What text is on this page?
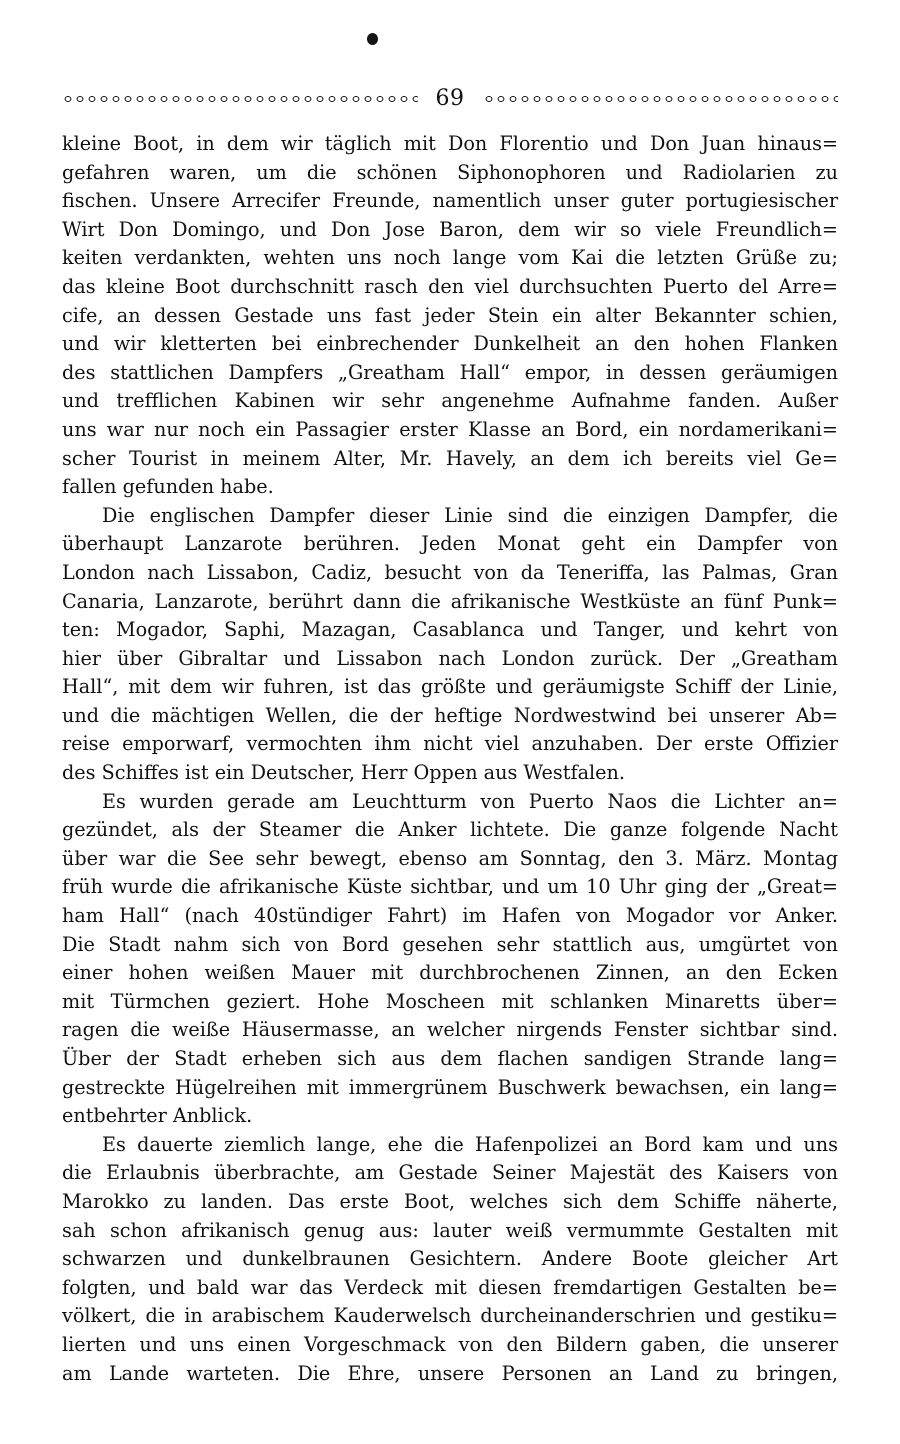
69
kleine Boot, in dem wir täglich mit Don Florentio und Don Juan hinaus=
gefahren waren, um die schönen Siphonophoren und Radiolarien zu
fischen. Unsere Arrecifer Freunde, namentlich unser guter portugiesischer
Wirt Don Domingo, und Don Jose Baron, dem wir so viele Freundlich=
keiten verdankten, wehten uns noch lange vom Kai die letzten Grüße zu;
das kleine Boot durchschnitt rasch den viel durchsuchten Puerto del Arre=
cife, an dessen Gestade uns fast jeder Stein ein alter Bekannter schien,
und wir kletterten bei einbrechender Dunkelheit an den hohen Flanken
des stattlichen Dampfers „Greatham Hall“ empor, in dessen geräumigen
und trefflichen Kabinen wir sehr angenehme Aufnahme fanden. Außer
uns war nur noch ein Passagier erster Klasse an Bord, ein nordamerikani=
scher Tourist in meinem Alter, Mr. Havely, an dem ich bereits viel Ge=
fallen gefunden habe.
Die englischen Dampfer dieser Linie sind die einzigen Dampfer, die
überhaupt Lanzarote berühren. Jeden Monat geht ein Dampfer von
London nach Lissabon, Cadiz, besucht von da Teneriffa, las Palmas, Gran
Canaria, Lanzarote, berührt dann die afrikanische Westküste an fünf Punk=
ten: Mogador, Saphi, Mazagan, Casablanca und Tanger, und kehrt von
hier über Gibraltar und Lissabon nach London zurück. Der „Greatham
Hall“, mit dem wir fuhren, ist das größte und geräumigste Schiff der Linie,
und die mächtigen Wellen, die der heftige Nordwestwind bei unserer Ab=
reise emporwarf, vermochten ihm nicht viel anzuhaben. Der erste Offizier
des Schiffes ist ein Deutscher, Herr Oppen aus Westfalen.
Es wurden gerade am Leuchtturm von Puerto Naos die Lichter an=
gezündet, als der Steamer die Anker lichtete. Die ganze folgende Nacht
über war die See sehr bewegt, ebenso am Sonntag, den 3. März. Montag
früh wurde die afrikanische Küste sichtbar, und um 10 Uhr ging der „Great=
ham Hall“ (nach 40stündiger Fahrt) im Hafen von Mogador vor Anker.
Die Stadt nahm sich von Bord gesehen sehr stattlich aus, umgürtet von
einer hohen weißen Mauer mit durchbrochenen Zinnen, an den Ecken
mit Türmchen geziert. Hohe Moscheen mit schlanken Minaretts über=
ragen die weiße Häusermasse, an welcher nirgends Fenster sichtbar sind.
Über der Stadt erheben sich aus dem flachen sandigen Strande lang=
gestreckte Hügelreihen mit immergrünem Buschwerk bewachsen, ein lang=
entbehrter Anblick.
Es dauerte ziemlich lange, ehe die Hafenpolizei an Bord kam und uns
die Erlaubnis überbrachte, am Gestade Seiner Majestät des Kaisers von
Marokko zu landen. Das erste Boot, welches sich dem Schiffe näherte,
sah schon afrikanisch genug aus: lauter weiß vermummte Gestalten mit
schwarzen und dunkelbraunen Gesichtern. Andere Boote gleicher Art
folgten, und bald war das Verdeck mit diesen fremdartigen Gestalten be=
völkert, die in arabischem Kauderwelsch durcheinanderschrien und gestiku=
lierten und uns einen Vorgeschmack von den Bildern gaben, die unserer
am Lande warteten. Die Ehre, unsere Personen an Land zu bringen,
